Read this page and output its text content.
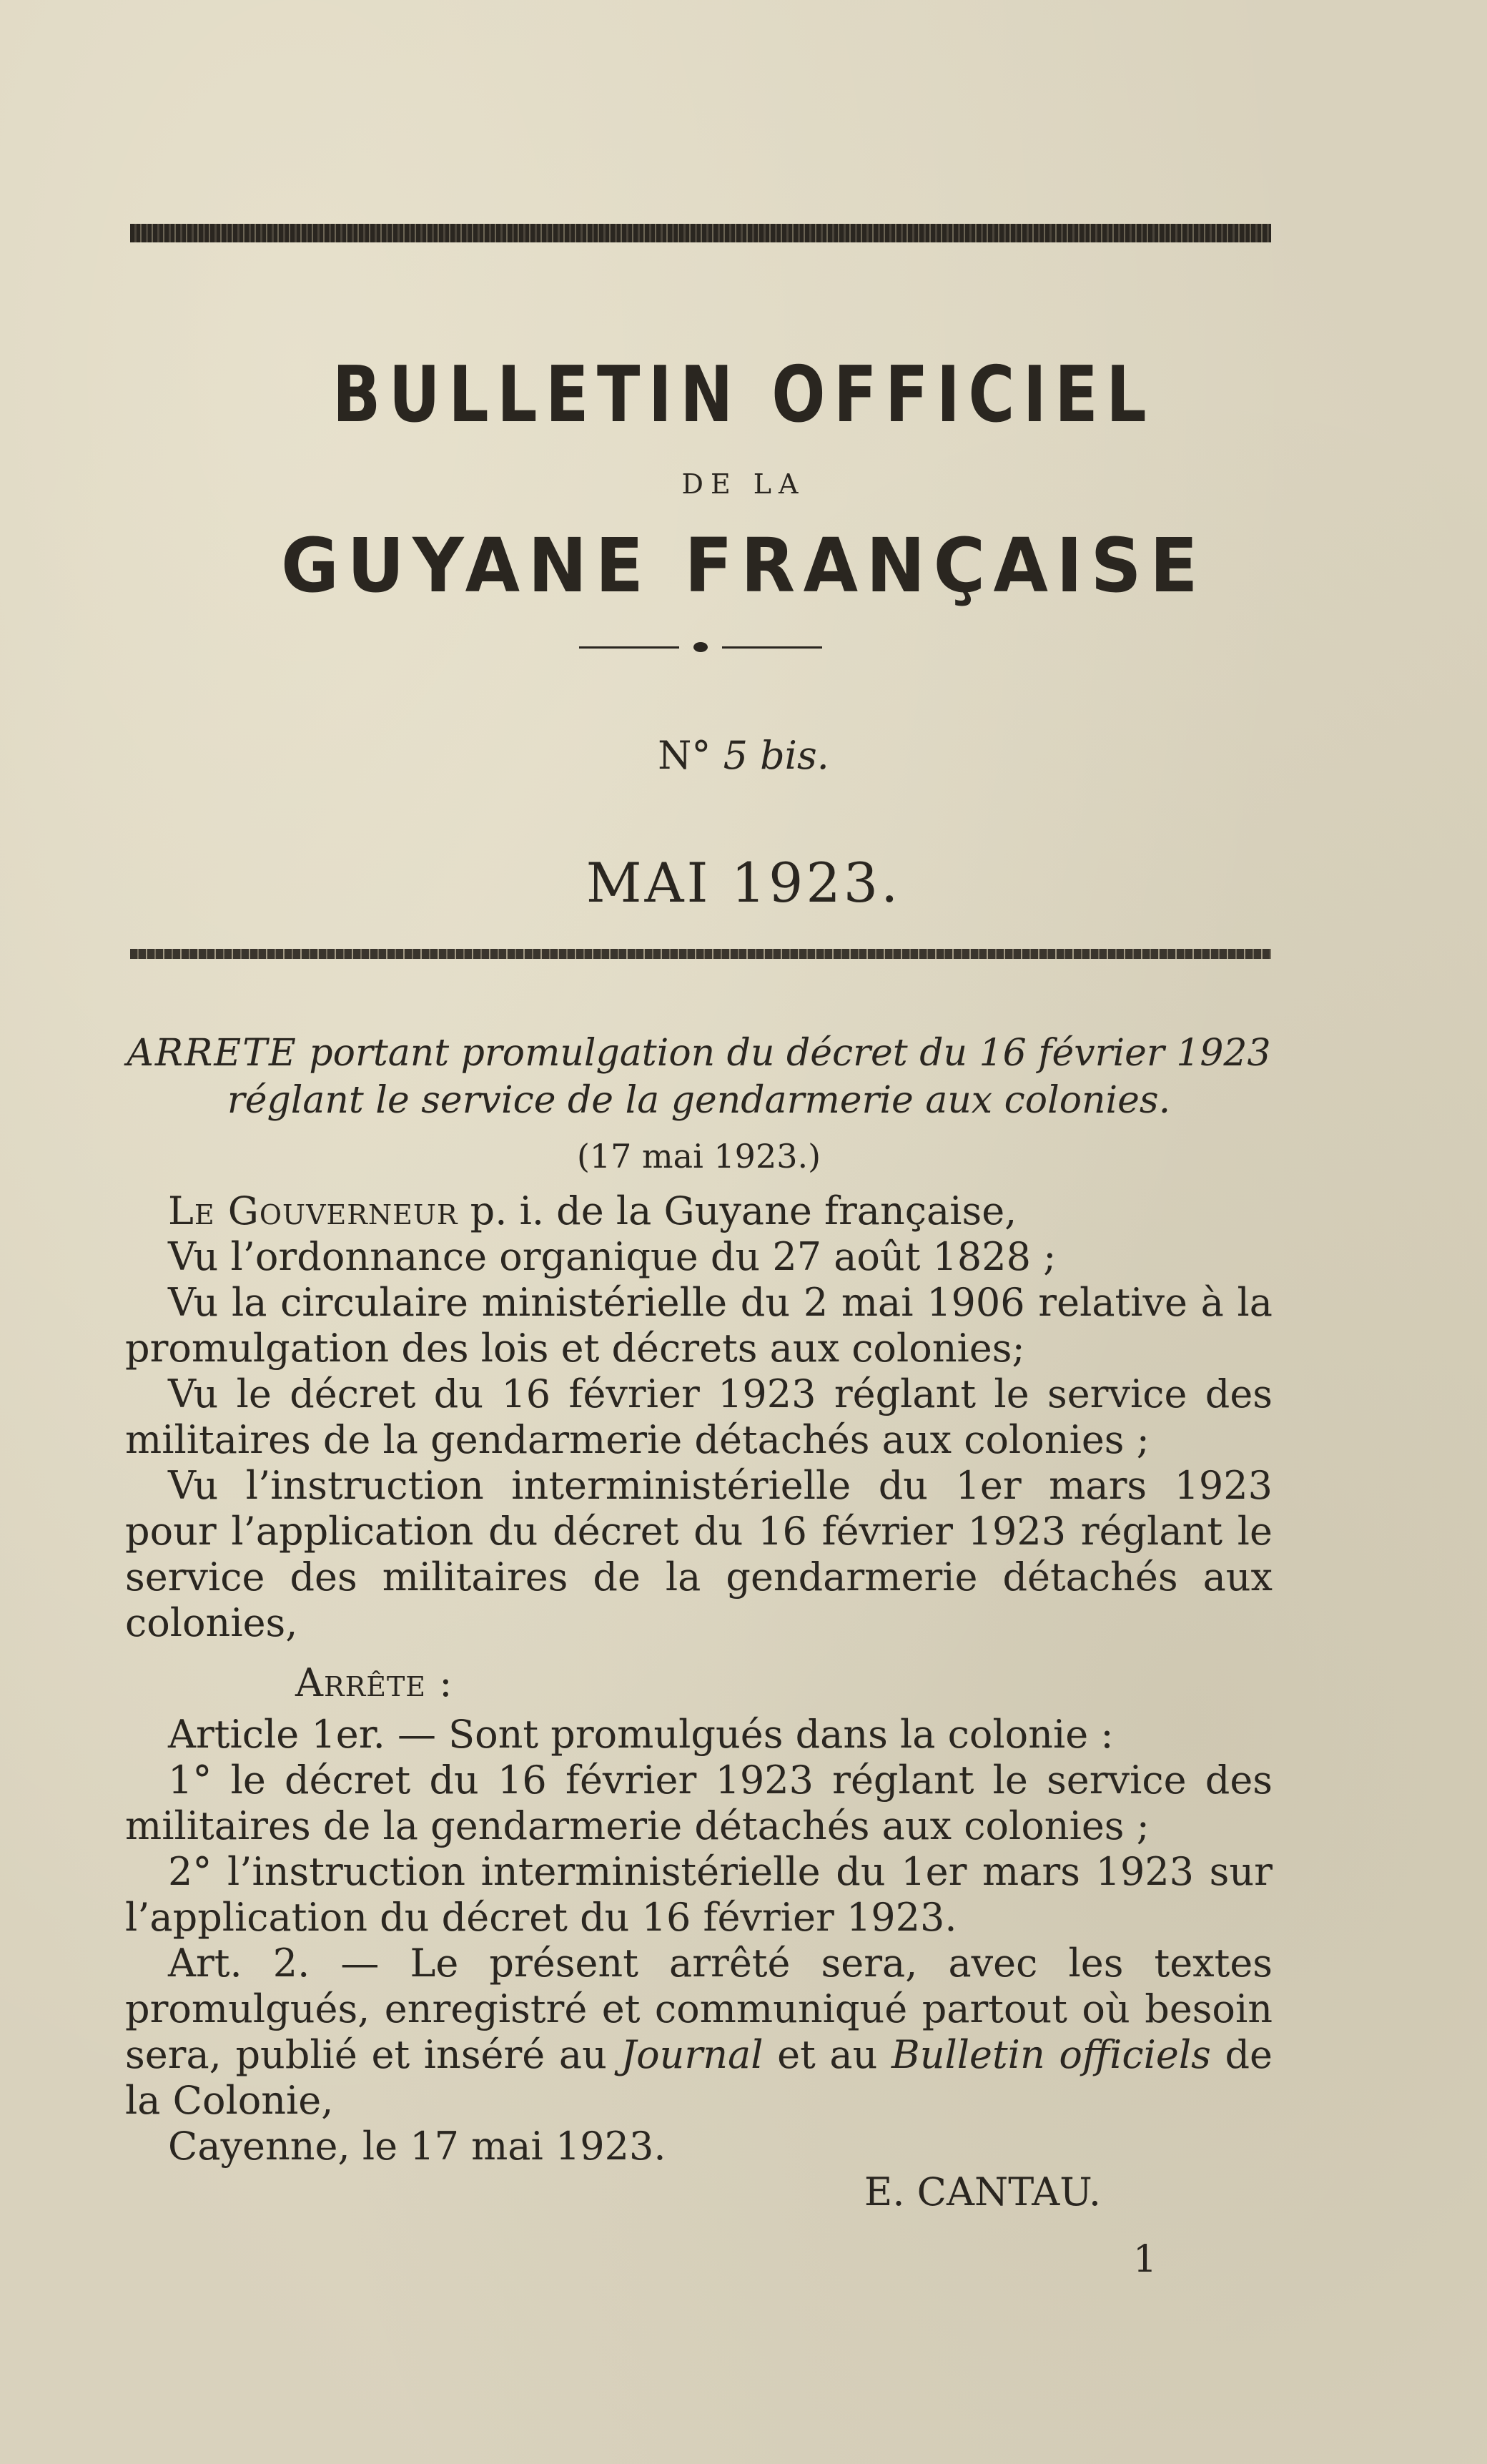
BULLETIN OFFICIEL
DE LA
GUYANE FRANÇAISE
N° 5 bis.
MAI 1923.
ARRETE portant promulgation du décret du 16 février 1923 réglant le service de la gendarmerie aux colonies.
(17 mai 1923.)

Le Gouverneur p. i. de la Guyane française,

Vu l’ordonnance organique du 27 août 1828 ;

Vu la circulaire ministérielle du 2 mai 1906 relative à la promulgation des lois et décrets aux colonies;

Vu le décret du 16 février 1923 réglant le service des militaires de la gendarmerie détachés aux colonies ;

Vu l’instruction interministérielle du 1er mars 1923 pour l’application du décret du 16 février 1923 réglant le service des militaires de la gendarmerie détachés aux colonies,

Arrête :

Article 1er. — Sont promulgués dans la colonie :

1° le décret du 16 février 1923 réglant le service des militaires de la gendarmerie détachés aux colonies ;

2° l’instruction interministérielle du 1er mars 1923 sur l’application du décret du 16 février 1923.

Art. 2. — Le présent arrêté sera, avec les textes promulgués, enregistré et communiqué partout où besoin sera, publié et inséré au Journal et au Bulletin officiels de la Colonie,

Cayenne, le 17 mai 1923.

E. CANTAU.

1
